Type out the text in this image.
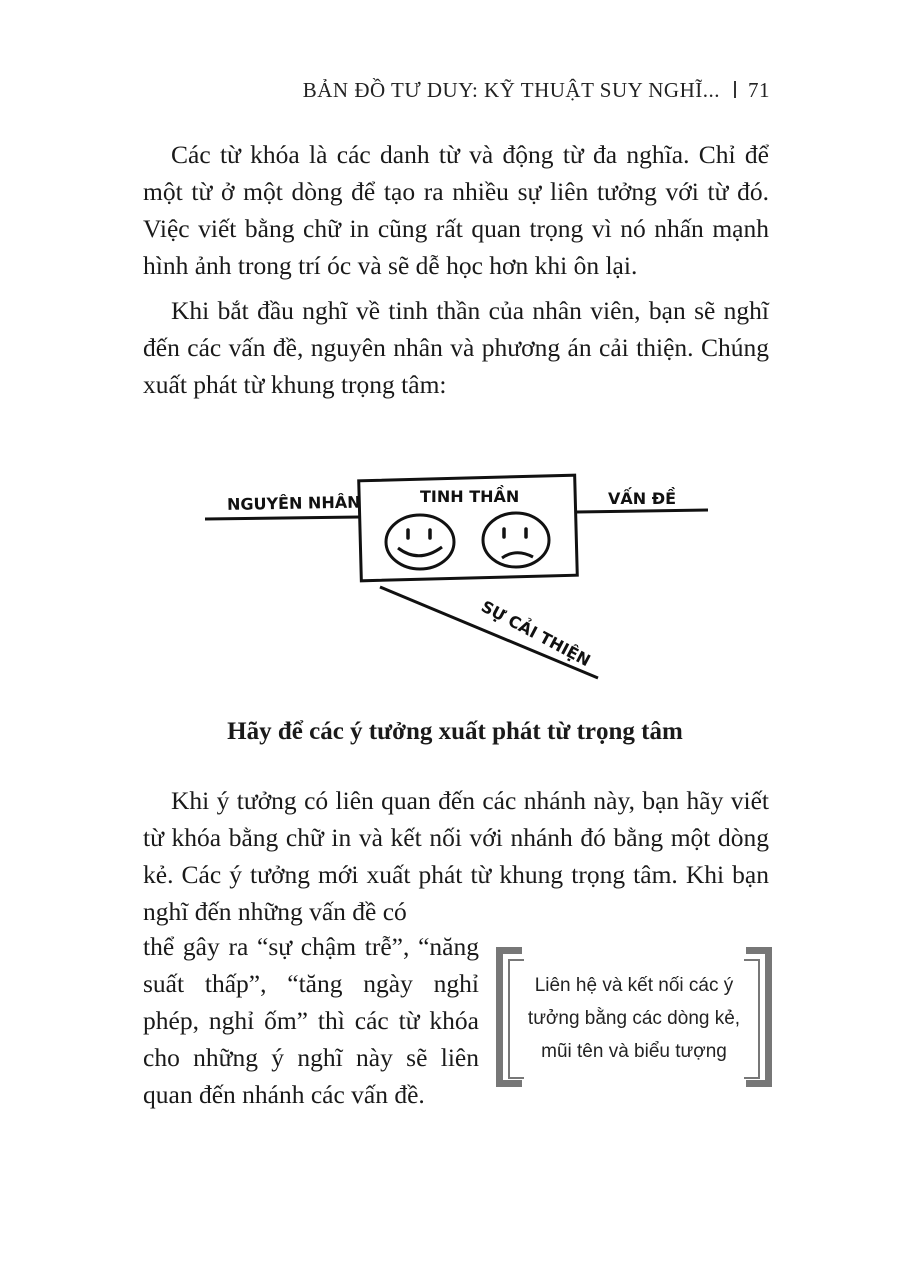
BẢN ĐỒ TƯ DUY: KỸ THUẬT SUY NGHĨ... 71

Các từ khóa là các danh từ và động từ đa nghĩa. Chỉ để một từ ở một dòng để tạo ra nhiều sự liên tưởng với từ đó. Việc viết bằng chữ in cũng rất quan trọng vì nó nhấn mạnh hình ảnh trong trí óc và sẽ dễ học hơn khi ôn lại.

Khi bắt đầu nghĩ về tinh thần của nhân viên, bạn sẽ nghĩ đến các vấn đề, nguyên nhân và phương án cải thiện. Chúng xuất phát từ khung trọng tâm:

NGUYÊN NHÂN	TINH THẦN	VẤN ĐỀ
SỰ CẢI THIỆN
Hãy để các ý tưởng xuất phát từ trọng tâm

Khi ý tưởng có liên quan đến các nhánh này, bạn hãy viết từ khóa bằng chữ in và kết nối với nhánh đó bằng một dòng kẻ. Các ý tưởng mới xuất phát từ khung trọng tâm. Khi bạn nghĩ đến những vấn đề có

thể gây ra “sự chậm trễ”, “năng suất thấp”, “tăng ngày nghỉ phép, nghỉ ốm” thì các từ khóa cho những ý nghĩ này sẽ liên quan đến nhánh các vấn đề.

Liên hệ và kết nối các ý tưởng bằng các dòng kẻ, mũi tên và biểu tượng
